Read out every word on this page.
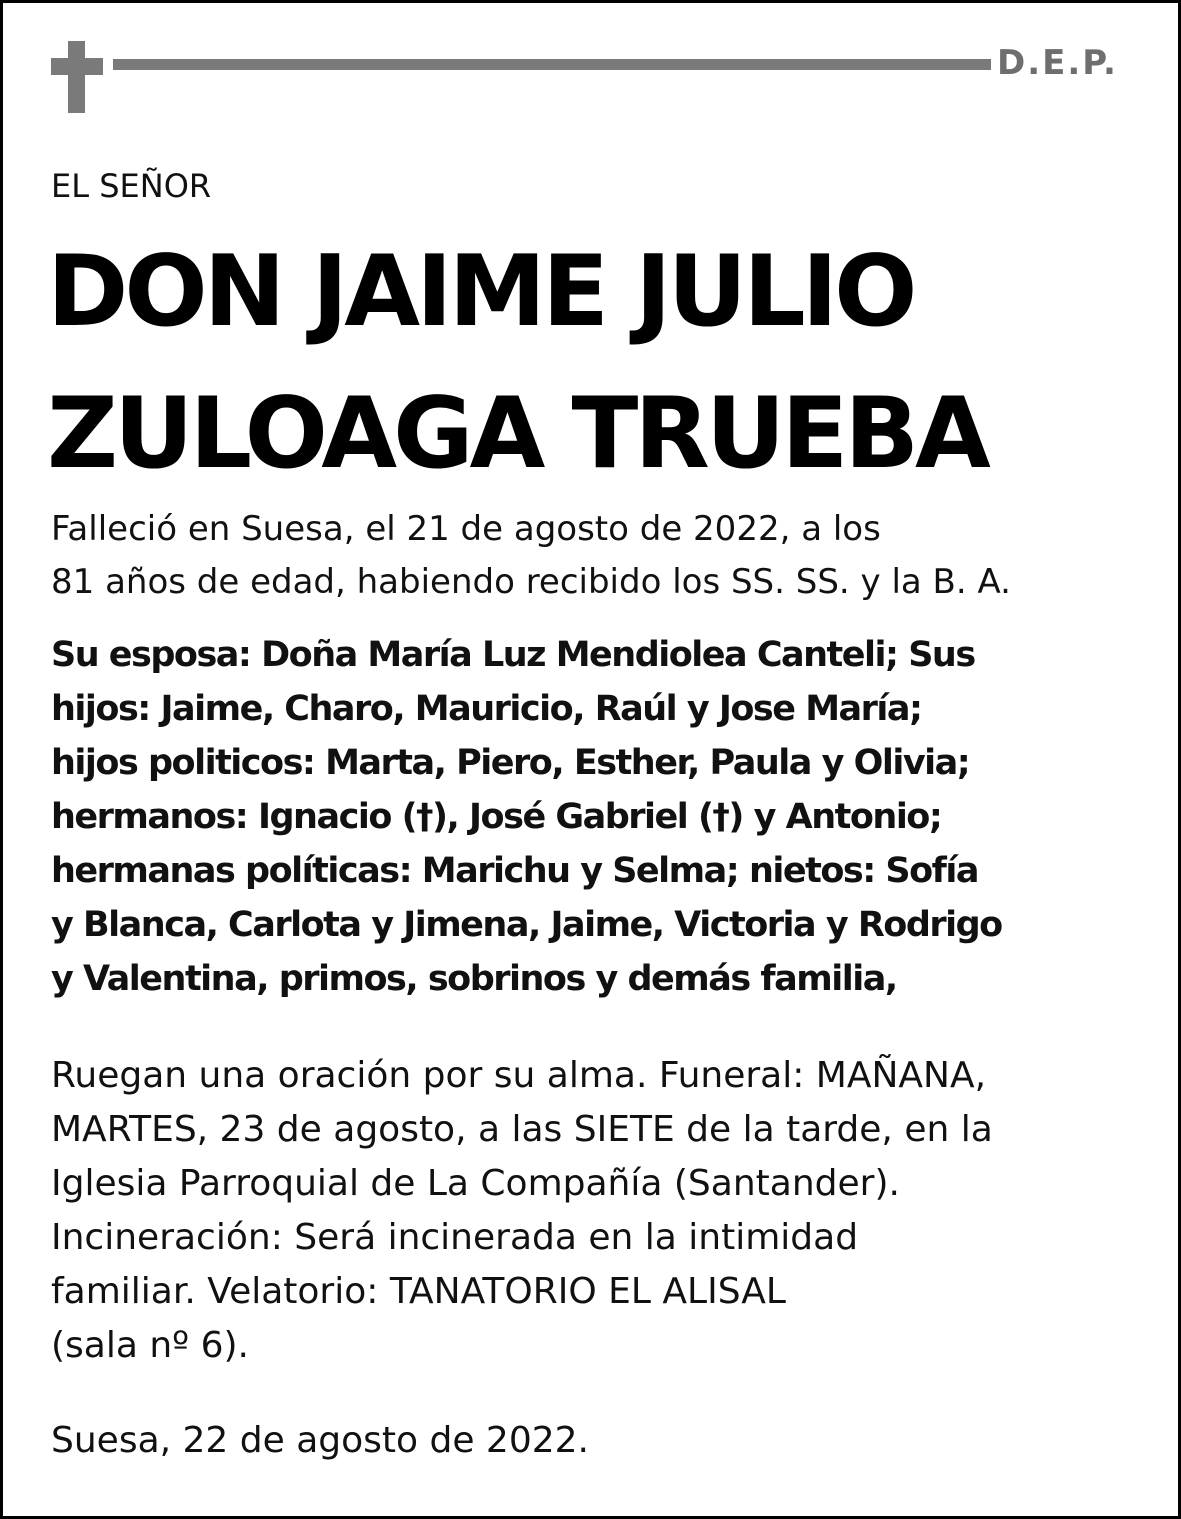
D.E.P.
EL SEÑOR
DON JAIME JULIO
ZULOAGA TRUEBA
Falleció en Suesa, el 21 de agosto de 2022, a los
81 años de edad, habiendo recibido los SS. SS. y la B. A.
Su esposa: Doña María Luz Mendiolea Canteli; Sus
hijos: Jaime, Charo, Mauricio, Raúl y Jose María;
hijos politicos: Marta, Piero, Esther, Paula y Olivia;
hermanos: Ignacio (†), José Gabriel (†) y Antonio;
hermanas políticas: Marichu y Selma; nietos: Sofía
y Blanca, Carlota y Jimena, Jaime, Victoria y Rodrigo
y Valentina, primos, sobrinos y demás familia,
Ruegan una oración por su alma. Funeral: MAÑANA,
MARTES, 23 de agosto, a las SIETE de la tarde, en la
Iglesia Parroquial de La Compañía (Santander).
Incineración: Será incinerada en la intimidad
familiar. Velatorio: TANATORIO EL ALISAL
(sala nº 6).
Suesa, 22 de agosto de 2022.
